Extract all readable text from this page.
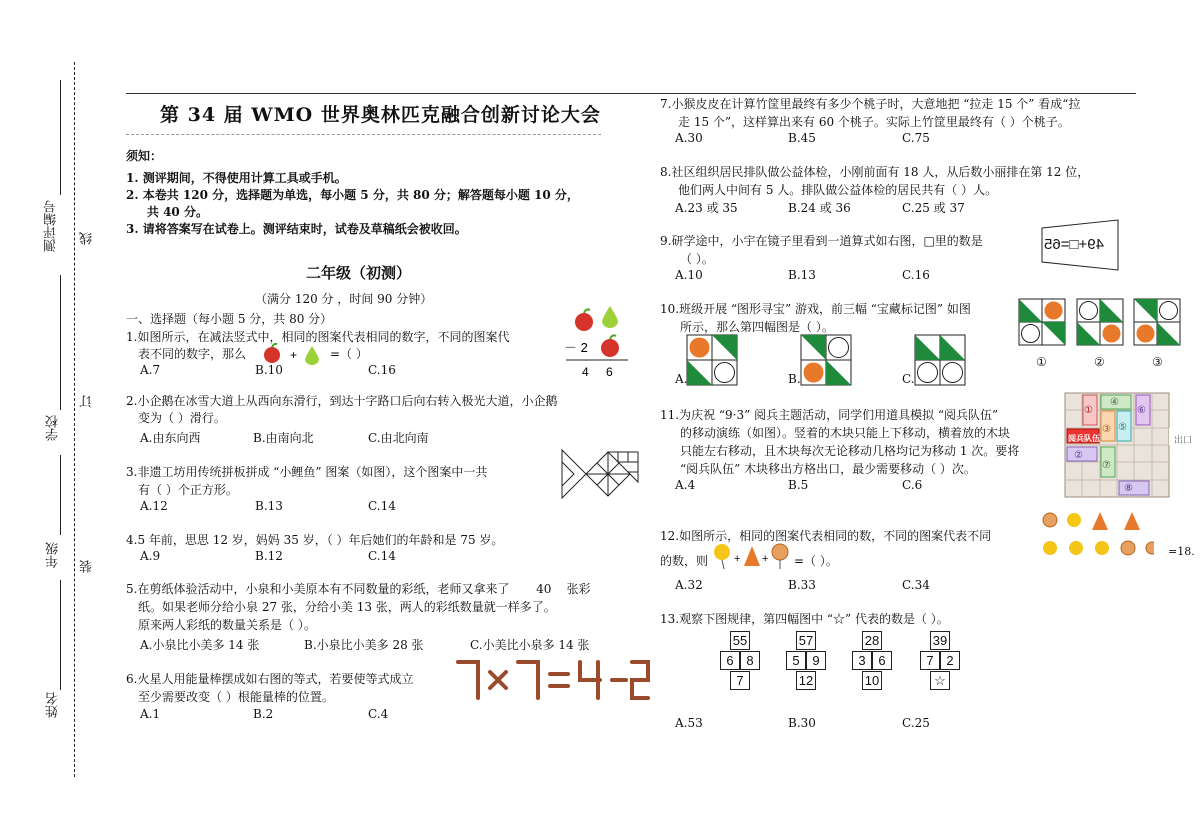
测评编号 线
学校
订
年级 装
姓名
第 34 届 WMO 世界奥林匹克融合创新讨论大会
须知：
1. 测评期间，不得使用计算工具或手机。
2. 本卷共 120 分，选择题为单选，每小题 5 分，共 80 分；解答题每小题 10 分，
共 40 分。
3. 请将答案写在试卷上。测评结束时，试卷及草稿纸会被收回。
二年级（初测）
（满分 120 分 ，时间 90 分钟）
一、选择题（每小题 5 分，共 80 分）
1.如图所示，在减法竖式中，相同的图案代表相同的数字，不同的图案代
表不同的数字，那么	+	=（ ）
A.7	B.10	C.16
－ 2
4 6
2.小企鹅在冰雪大道上从西向东滑行，到达十字路口后向右转入极光大道，小企鹅
变为（ ）滑行。
A.由东向西	B.由南向北	C.由北向南
3.非遗工坊用传统拼板拼成 “小鲤鱼” 图案（如图），这个图案中一共
有（ ）个正方形。
A.12	B.13	C.14
4.5 年前，思思 12 岁，妈妈 35 岁，（ ）年后她们的年龄和是 75 岁。
A.9	B.12	C.14
5.在剪纸体验活动中，小泉和小美原本有不同数量的彩纸，老师又拿来了       40    张彩
纸。如果老师分给小泉 27 张，分给小美 13 张，两人的彩纸数量就一样多了。
原来两人彩纸的数量关系是（ ）。
A.小泉比小美多 14 张	B.小泉比小美多 28 张	C.小美比小泉多 14 张
6.火星人用能量棒摆成如右图的等式，若要使等式成立
至少需要改变（ ）根能量棒的位置。
A.1	B.2	C.4
7.小猴皮皮在计算竹筐里最终有多少个桃子时，大意地把 “拉走 15 个” 看成“拉
走 15 个”，这样算出来有 60 个桃子。实际上竹筐里最终有（ ）个桃子。
A.30	B.45	C.75
8.社区组织居民排队做公益体检，小刚前面有 18 人，从后数小丽排在第 12 位，
他们两人中间有 5 人。排队做公益体检的居民共有（ ）人。
A.23 或 35	B.24 或 36	C.25 或 37
9.研学途中，小宇在镜子里看到一道算式如右图，□里的数是
（ ）。
A.10	B.13	C.16
49+□=65
10.班级开展 “图形寻宝” 游戏，前三幅 “宝藏标记图” 如图
所示，那么第四幅图是（ ）。
A.	B.	C.
①	②	③
11.为庆祝 “9·3” 阅兵主题活动，同学们用道具模拟 “阅兵队伍”
的移动演练（如图）。竖着的木块只能上下移动，横着放的木块
只能左右移动，且木块每次无论移动几格均记为移动 1 次。要将
“阅兵队伍” 木块移出方格出口，最少需要移动（ ）次。
A.4	B.5	C.6
①
④
⑥
③ ⑤
阅兵队伍
②
⑦
⑧
出口
12.如图所示，相同的图案代表相同的数，不同的图案代表不同
的数，则 + + =（ ）。
A.32	B.33	C.34
=18.
13.观察下图规律，第四幅图中 “☆” 代表的数是（ ）。
55
6 8
7
57
5 9
12
28
3 6
10
39
7 2
☆
A.53	B.30	C.25
